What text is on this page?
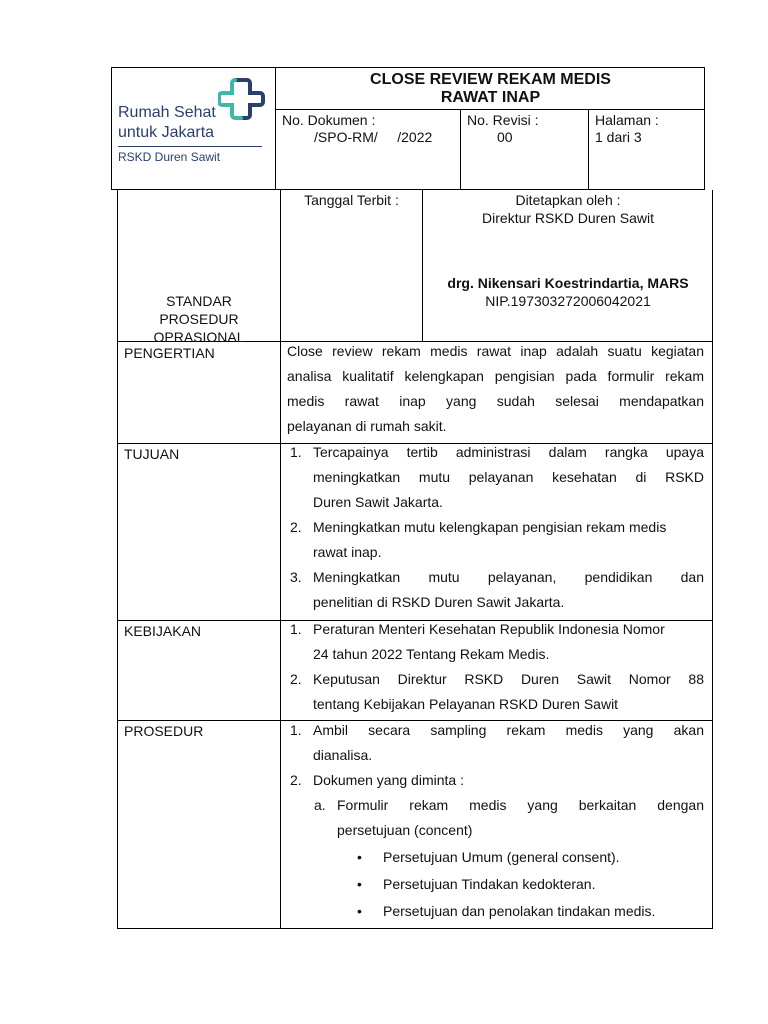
Rumah Sehat
untuk Jakarta
RSKD Duren Sawit
CLOSE REVIEW REKAM MEDIS
RAWAT INAP
No. Dokumen :
/SPO-RM/     /2022
No. Revisi :
00
Halaman :
1 dari 3
STANDAR
PROSEDUR
OPRASIONAL
Tanggal Terbit :	Ditetapkan oleh :
Direktur RSKD Duren Sawit
drg. Nikensari Koestrindartia, MARS
NIP.197303272006042021
PENGERTIAN	Close review rekam medis rawat inap adalah suatu kegiatan
analisa kualitatif kelengkapan pengisian pada formulir rekam
medis rawat inap yang sudah selesai mendapatkan
pelayanan di rumah sakit.
TUJUAN	1. Tercapainya tertib administrasi dalam rangka upaya
meningkatkan mutu pelayanan kesehatan di RSKD
Duren Sawit Jakarta.
2. Meningkatkan mutu kelengkapan pengisian rekam medis
rawat inap.
3. Meningkatkan mutu pelayanan, pendidikan dan
penelitian di RSKD Duren Sawit Jakarta.
KEBIJAKAN	1. Peraturan Menteri Kesehatan Republik Indonesia Nomor
24 tahun 2022 Tentang Rekam Medis.
2. Keputusan Direktur RSKD Duren Sawit Nomor 88
tentang Kebijakan Pelayanan RSKD Duren Sawit
PROSEDUR	1. Ambil secara sampling rekam medis yang akan
dianalisa.
2. Dokumen yang diminta :
a. Formulir rekam medis yang berkaitan dengan
persetujuan (concent)
• Persetujuan Umum (general consent).
• Persetujuan Tindakan kedokteran.
• Persetujuan dan penolakan tindakan medis.
